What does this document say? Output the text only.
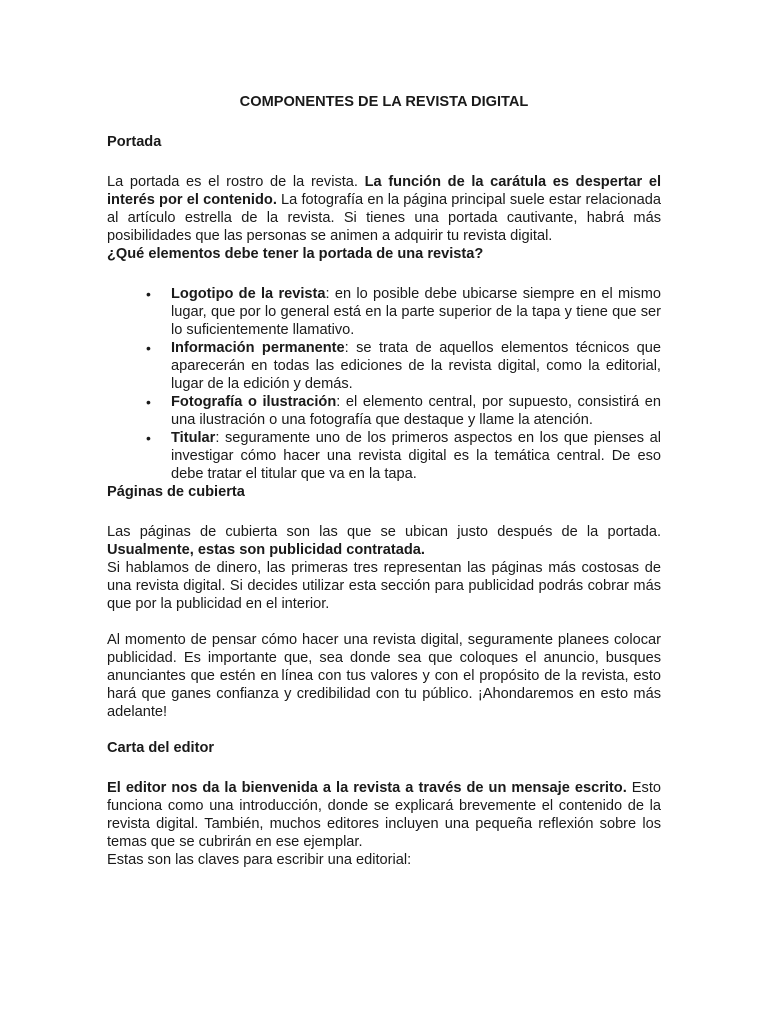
COMPONENTES DE LA REVISTA DIGITAL
Portada

La portada es el rostro de la revista. La función de la carátula es despertar el interés por el contenido. La fotografía en la página principal suele estar relacionada al artículo estrella de la revista. Si tienes una portada cautivante, habrá más posibilidades que las personas se animen a adquirir tu revista digital.

¿Qué elementos debe tener la portada de una revista?

• Logotipo de la revista: en lo posible debe ubicarse siempre en el mismo lugar, que por lo general está en la parte superior de la tapa y tiene que ser lo suficientemente llamativo.
• Información permanente: se trata de aquellos elementos técnicos que aparecerán en todas las ediciones de la revista digital, como la editorial, lugar de la edición y demás.
• Fotografía o ilustración: el elemento central, por supuesto, consistirá en una ilustración o una fotografía que destaque y llame la atención.
• Titular: seguramente uno de los primeros aspectos en los que pienses al investigar cómo hacer una revista digital es la temática central. De eso debe tratar el titular que va en la tapa.
Páginas de cubierta

Las páginas de cubierta son las que se ubican justo después de la portada. Usualmente, estas son publicidad contratada.

Si hablamos de dinero, las primeras tres representan las páginas más costosas de una revista digital. Si decides utilizar esta sección para publicidad podrás cobrar más que por la publicidad en el interior.

Al momento de pensar cómo hacer una revista digital, seguramente planees colocar publicidad. Es importante que, sea donde sea que coloques el anuncio, busques anunciantes que estén en línea con tus valores y con el propósito de la revista, esto hará que ganes confianza y credibilidad con tu público. ¡Ahondaremos en esto más adelante!

Carta del editor

El editor nos da la bienvenida a la revista a través de un mensaje escrito. Esto funciona como una introducción, donde se explicará brevemente el contenido de la revista digital. También, muchos editores incluyen una pequeña reflexión sobre los temas que se cubrirán en ese ejemplar.

Estas son las claves para escribir una editorial:
